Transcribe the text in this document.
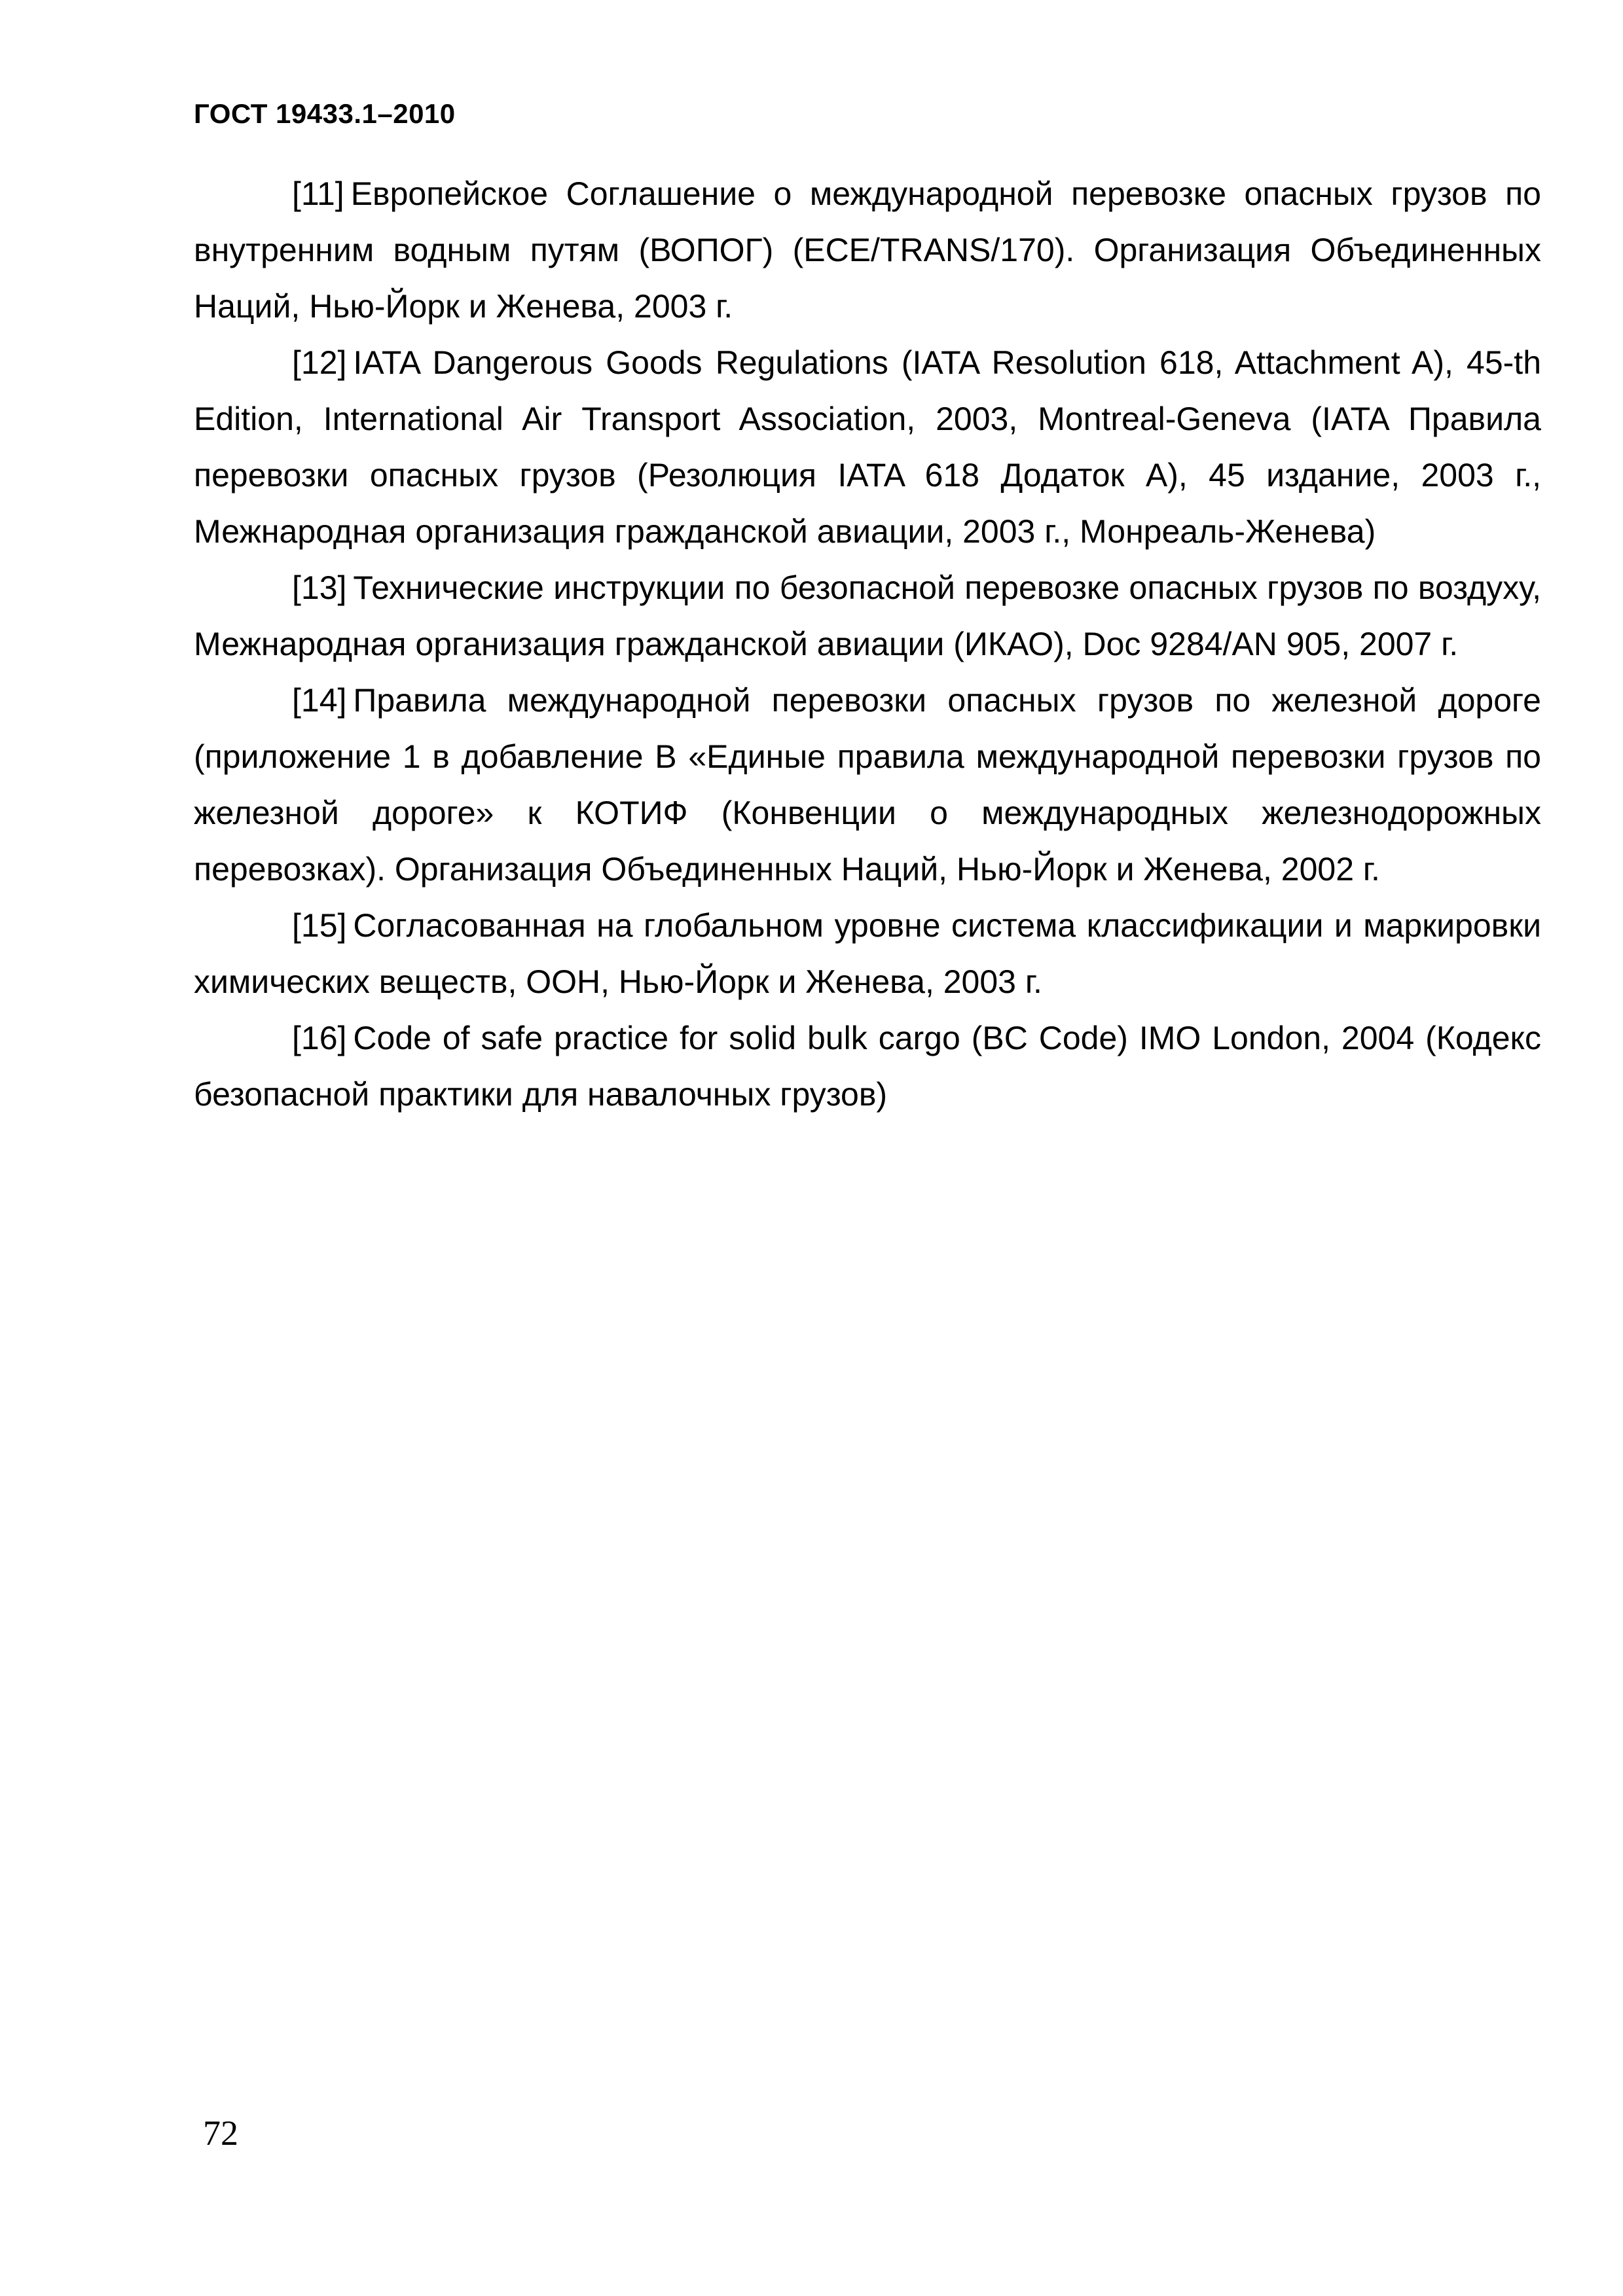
ГОСТ 19433.1–2010

[11] Европейское Соглашение о международной перевозке опасных грузов по внутренним водным путям (ВОПОГ) (ECE/TRANS/170). Организация Объединенных Наций, Нью-Йорк и Женева, 2003 г.

[12] IATA Dangerous Goods Regulations (IATA Resolution 618, Attachment A), 45-th Edition, International Air Transport Association, 2003, Montreal-Geneva (IATA Правила перевозки опасных грузов (Резолюция IATA 618 Додаток А), 45 издание, 2003 г., Межнародная организация гражданской авиации, 2003 г., Монреаль-Женева)

[13] Технические инструкции по безопасной перевозке опасных грузов по воздуху, Межнародная организация гражданской авиации (ИКАО), Doc 9284/AN 905, 2007 г.

[14] Правила международной перевозки опасных грузов по железной дороге (приложение 1 в добавление В «Единые правила международной перевозки грузов по железной дороге» к КОТИФ (Конвенции о международных железнодорожных перевозках). Организация Объединенных Наций, Нью-Йорк и Женева, 2002 г.

[15] Согласованная на глобальном уровне система классификации и маркировки химических веществ, ООН, Нью-Йорк и Женева, 2003 г.

[16] Code of safe practice for solid bulk cargo (BC Code) IMO London, 2004 (Кодекс безопасной практики для навалочных грузов)

72
